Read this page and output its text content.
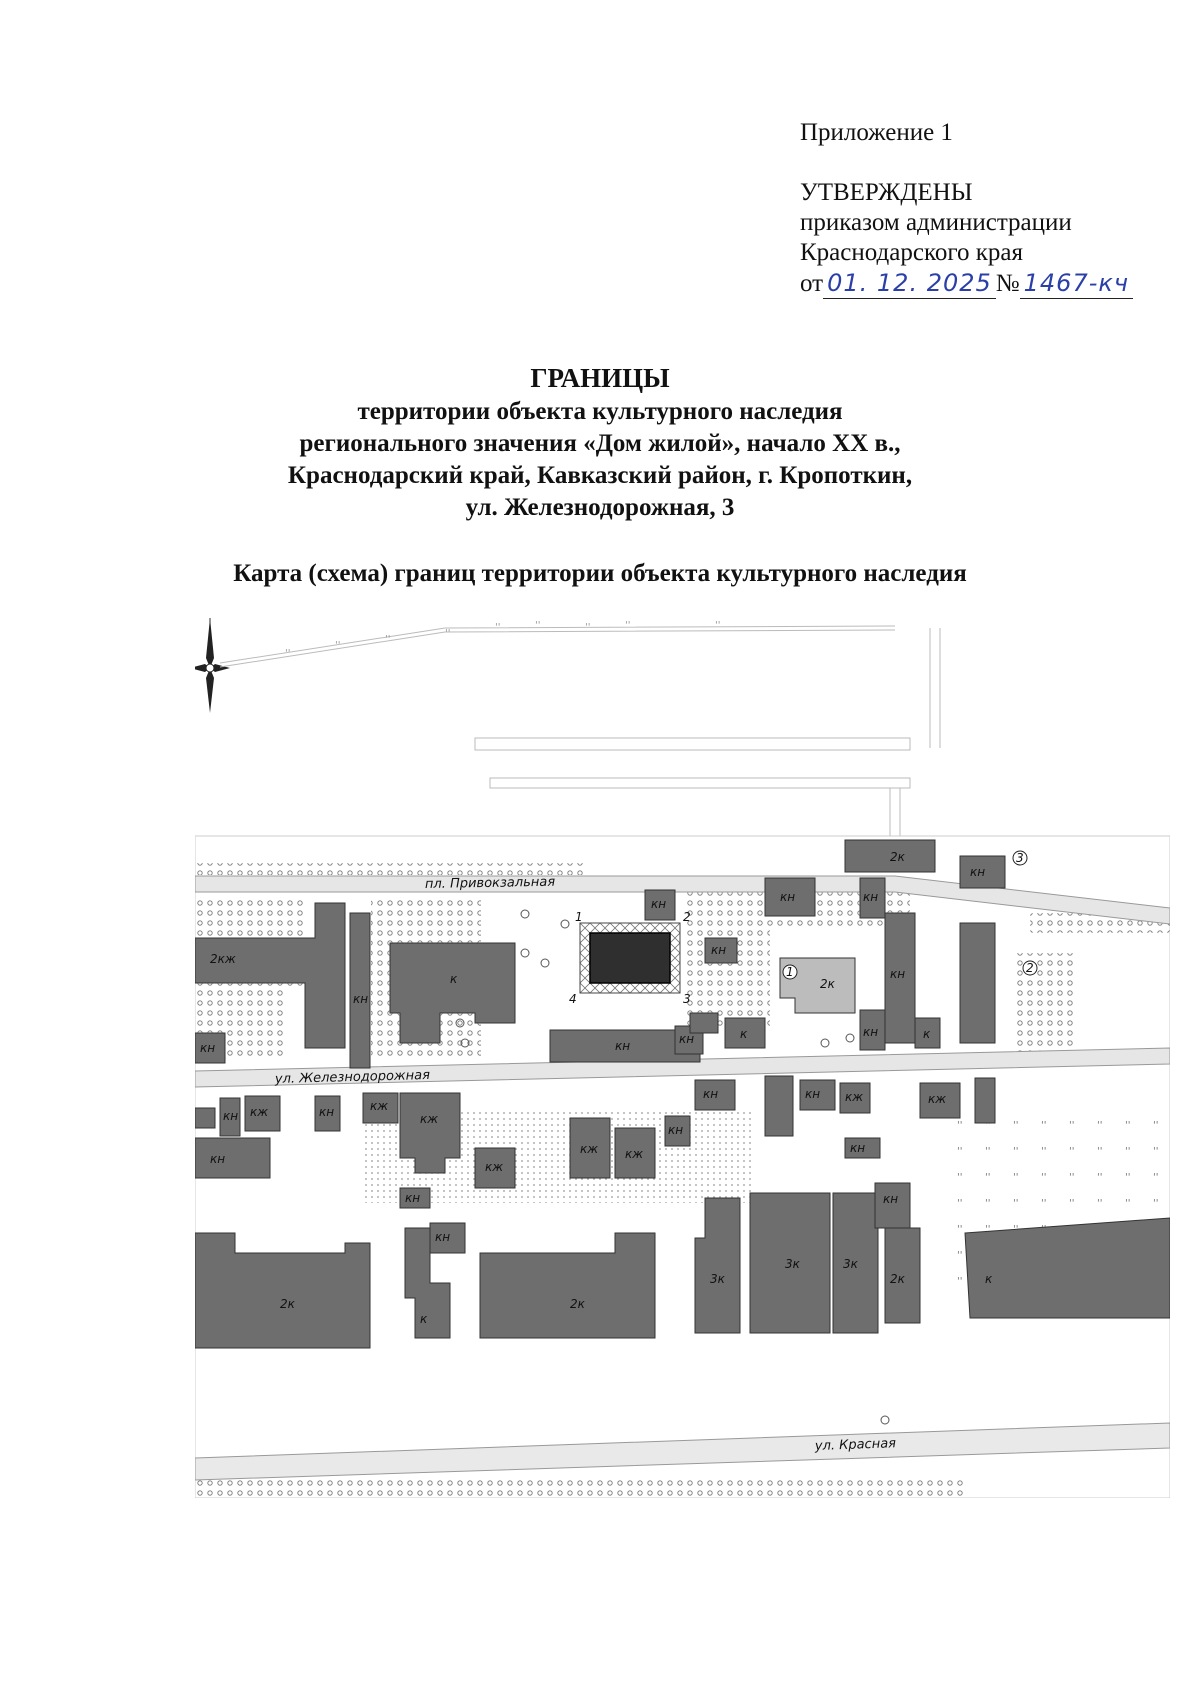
Приложение 1
УТВЕРЖДЕНЫ
приказом администрации
Краснодарского края
от 01. 12. 2025 № 1467-кч
ГРАНИЦЫ
территории объекта культурного наследия
регионального значения «Дом жилой», начало XX в.,
Краснодарский край, Кавказский район, г. Кропоткин,
ул. Железнодорожная, 3
Карта (схема) границ территории объекта культурного наследия
''
''
''
''
''	''	''	''	''
пл. Привокзальная
ул. Железнодорожная
ул. Красная
1	2
3
4
2кж
кн
к
кн
кн	кн
кн
к
кн	кн
2к
кн
кн
кн	к
2к
кн
кж
кн	кн
кн
кж
кж
кж
кж кж
кн
кн	кн кж	кж
кн
кн
кн
2к
к
2к
3к
3к	3к
кн
2к	к
1	2
3
